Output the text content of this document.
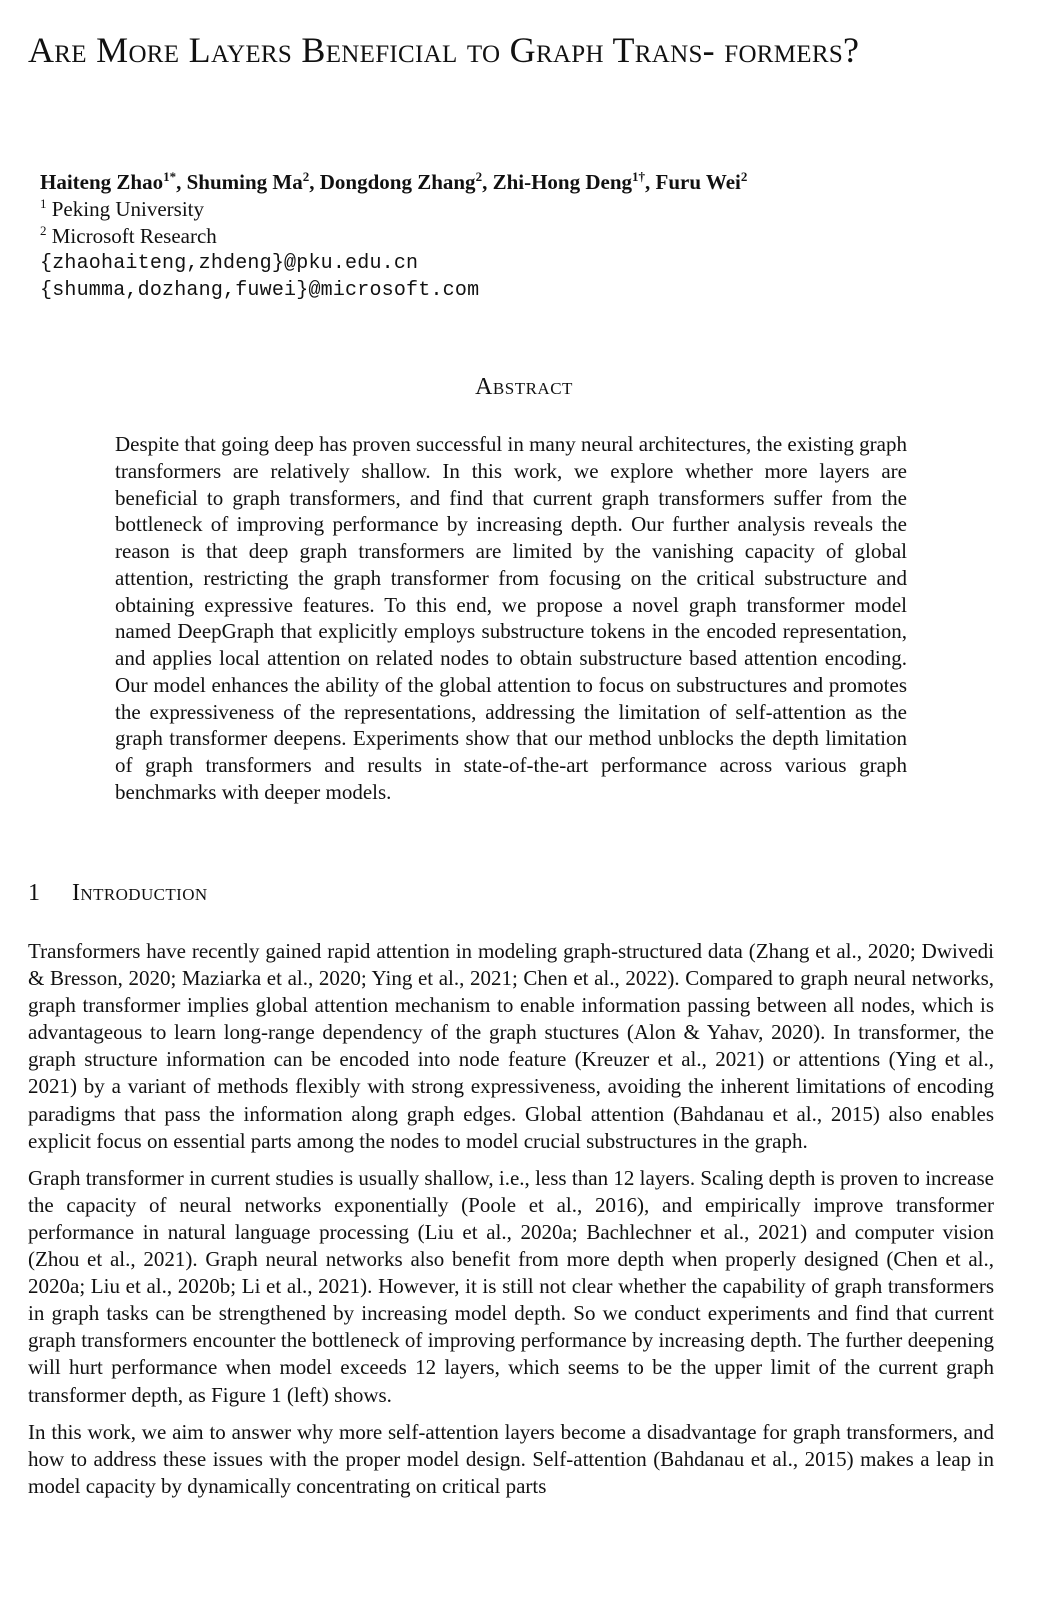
Are More Layers Beneficial to Graph Trans- formers?
Haiteng Zhao$^{1*}$, Shuming Ma$^2$, Dongdong Zhang$^2$, Zhi-Hong Deng$^{1\dagger}$, Furu Wei$^2$
$^1$ Peking University
$^2$ Microsoft Research
{zhaohaiteng,zhdeng}@pku.edu.cn
{shumma,dozhang,fuwei}@microsoft.com
Abstract

Despite that going deep has proven successful in many neural architectures, the existing graph transformers are relatively shallow. In this work, we explore whether more layers are beneficial to graph transformers, and find that current graph transformers suffer from the bottleneck of improving performance by increasing depth. Our further analysis reveals the reason is that deep graph transformers are limited by the vanishing capacity of global attention, restricting the graph transformer from focusing on the critical substructure and obtaining expressive features. To this end, we propose a novel graph transformer model named DeepGraph that explicitly employs substructure tokens in the encoded representation, and applies local attention on related nodes to obtain substructure based attention encoding. Our model enhances the ability of the global attention to focus on substructures and promotes the expressiveness of the representations, addressing the limitation of self-attention as the graph transformer deepens. Experiments show that our method unblocks the depth limitation of graph transformers and results in state-of-the-art performance across various graph benchmarks with deeper models.

1 Introduction

Transformers have recently gained rapid attention in modeling graph-structured data (Zhang et al., 2020; Dwivedi & Bresson, 2020; Maziarka et al., 2020; Ying et al., 2021; Chen et al., 2022). Compared to graph neural networks, graph transformer implies global attention mechanism to enable information passing between all nodes, which is advantageous to learn long-range dependency of the graph stuctures (Alon & Yahav, 2020). In transformer, the graph structure information can be encoded into node feature (Kreuzer et al., 2021) or attentions (Ying et al., 2021) by a variant of methods flexibly with strong expressiveness, avoiding the inherent limitations of encoding paradigms that pass the information along graph edges. Global attention (Bahdanau et al., 2015) also enables explicit focus on essential parts among the nodes to model crucial substructures in the graph.

Graph transformer in current studies is usually shallow, i.e., less than 12 layers. Scaling depth is proven to increase the capacity of neural networks exponentially (Poole et al., 2016), and empirically improve transformer performance in natural language processing (Liu et al., 2020a; Bachlechner et al., 2021) and computer vision (Zhou et al., 2021). Graph neural networks also benefit from more depth when properly designed (Chen et al., 2020a; Liu et al., 2020b; Li et al., 2021). However, it is still not clear whether the capability of graph transformers in graph tasks can be strengthened by increasing model depth. So we conduct experiments and find that current graph transformers encounter the bottleneck of improving performance by increasing depth. The further deepening will hurt performance when model exceeds 12 layers, which seems to be the upper limit of the current graph transformer depth, as Figure 1 (left) shows.

In this work, we aim to answer why more self-attention layers become a disadvantage for graph transformers, and how to address these issues with the proper model design. Self-attention (Bahdanau et al., 2015) makes a leap in model capacity by dynamically concentrating on critical parts
